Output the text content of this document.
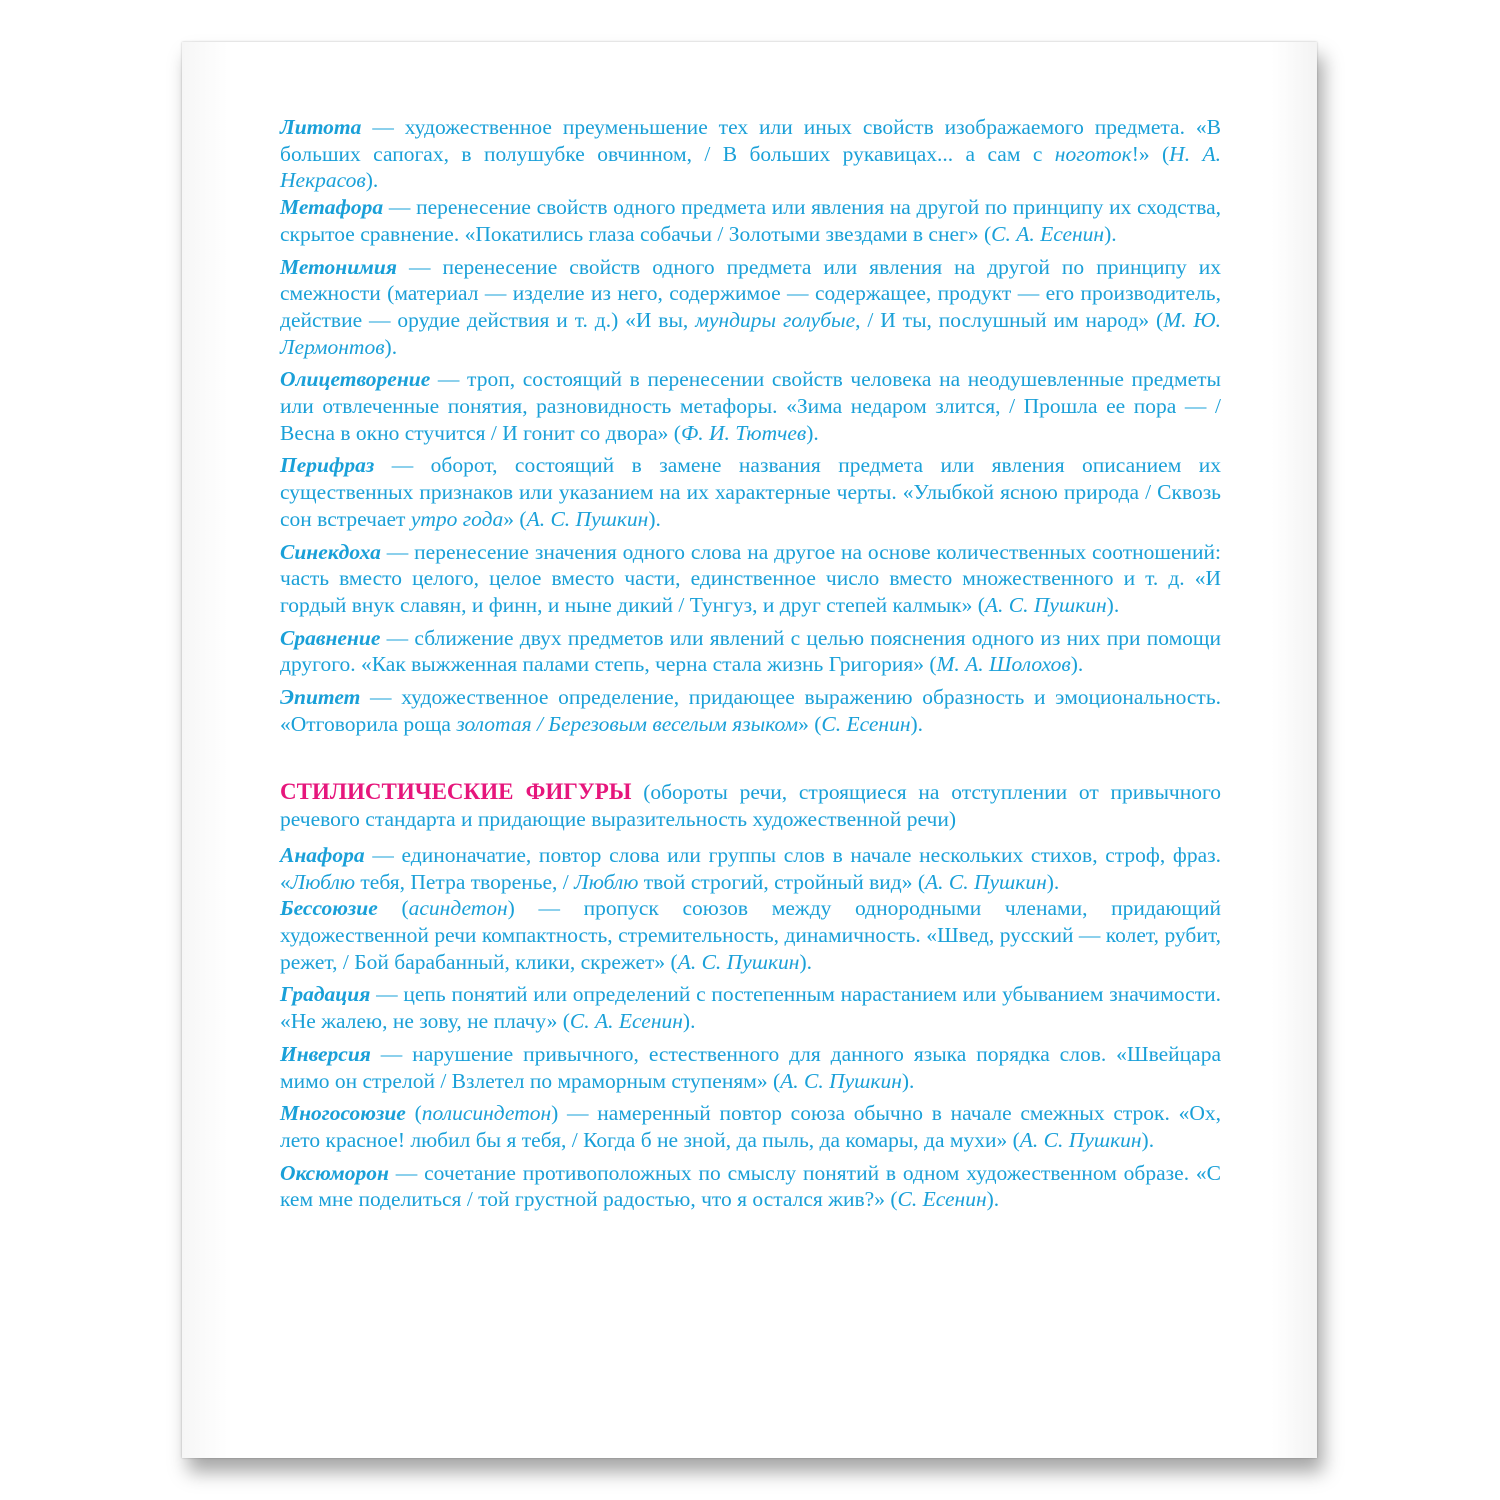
Литота — художественное преуменьшение тех или иных свойств изображаемого предмета. «В больших сапогах, в полушубке овчинном, / В больших рукавицах... а сам с ноготок!» (Н. А. Некрасов).

Метафора — перенесение свойств одного предмета или явления на другой по принципу их сходства, скрытое сравнение. «Покатились глаза собачьи / Золотыми звездами в снег» (С. А. Есенин).

Метонимия — перенесение свойств одного предмета или явления на другой по принципу их смежности (материал — изделие из него, содержимое — содержащее, продукт — его производитель, действие — орудие действия и т. д.) «И вы, мундиры голубые, / И ты, послушный им народ» (М. Ю. Лермонтов).

Олицетворение — троп, состоящий в перенесении свойств человека на неодушевленные предметы или отвлеченные понятия, разновидность метафоры. «Зима недаром злится, / Прошла ее пора — / Весна в окно стучится / И гонит со двора» (Ф. И. Тютчев).

Перифраз — оборот, состоящий в замене названия предмета или явления описанием их существенных признаков или указанием на их характерные черты. «Улыбкой ясною природа / Сквозь сон встречает утро года» (А. С. Пушкин).

Синекдоха — перенесение значения одного слова на другое на основе количественных соотношений: часть вместо целого, целое вместо части, единственное число вместо множественного и т. д. «И гордый внук славян, и финн, и ныне дикий / Тунгуз, и друг степей калмык» (А. С. Пушкин).

Сравнение — сближение двух предметов или явлений с целью пояснения одного из них при помощи другого. «Как выжженная палами степь, черна стала жизнь Григория» (М. А. Шолохов).

Эпитет — художественное определение, придающее выражению образность и эмоциональность. «Отговорила роща золотая / Березовым веселым языком» (С. Есенин).

СТИЛИСТИЧЕСКИЕ ФИГУРЫ (обороты речи, строящиеся на отступлении от привычного речевого стандарта и придающие выразительность художественной речи)

Анафора — единоначатие, повтор слова или группы слов в начале нескольких стихов, строф, фраз. «Люблю тебя, Петра творенье, / Люблю твой строгий, стройный вид» (А. С. Пушкин).

Бессоюзие (асиндетон) — пропуск союзов между однородными членами, придающий художественной речи компактность, стремительность, динамичность. «Швед, русский — колет, рубит, режет, / Бой барабанный, клики, скрежет» (А. С. Пушкин).

Градация — цепь понятий или определений с постепенным нарастанием или убыванием значимости. «Не жалею, не зову, не плачу» (С. А. Есенин).

Инверсия — нарушение привычного, естественного для данного языка порядка слов. «Швейцара мимо он стрелой / Взлетел по мраморным ступеням» (А. С. Пушкин).

Многосоюзие (полисиндетон) — намеренный повтор союза обычно в начале смежных строк. «Ох, лето красное! любил бы я тебя, / Когда б не зной, да пыль, да комары, да мухи» (А. С. Пушкин).

Оксюморон — сочетание противоположных по смыслу понятий в одном художественном образе. «С кем мне поделиться / той грустной радостью, что я остался жив?» (С. Есенин).
